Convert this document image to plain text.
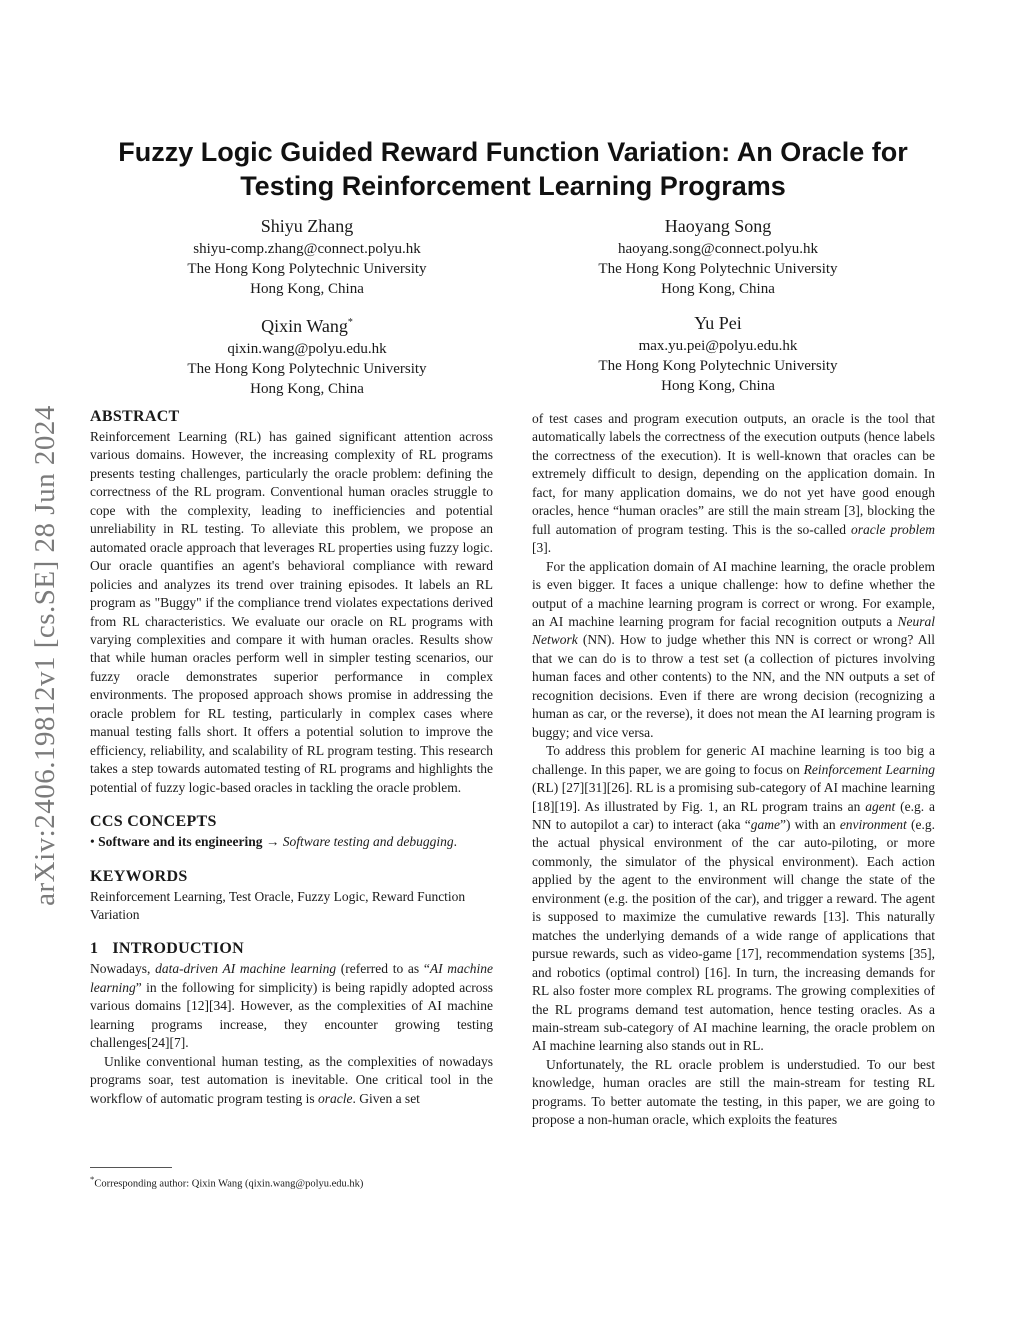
arXiv:2406.19812v1 [cs.SE] 28 Jun 2024
Fuzzy Logic Guided Reward Function Variation: An Oracle for Testing Reinforcement Learning Programs
Shiyu Zhang
shiyu-comp.zhang@connect.polyu.hk
The Hong Kong Polytechnic University
Hong Kong, China
Haoyang Song
haoyang.song@connect.polyu.hk
The Hong Kong Polytechnic University
Hong Kong, China
Qixin Wang*
qixin.wang@polyu.edu.hk
The Hong Kong Polytechnic University
Hong Kong, China
Yu Pei
max.yu.pei@polyu.edu.hk
The Hong Kong Polytechnic University
Hong Kong, China
ABSTRACT

Reinforcement Learning (RL) has gained significant attention across various domains. However, the increasing complexity of RL programs presents testing challenges, particularly the oracle problem: defining the correctness of the RL program. Conventional human oracles struggle to cope with the complexity, leading to inefficiencies and potential unreliability in RL testing. To alleviate this problem, we propose an automated oracle approach that leverages RL properties using fuzzy logic. Our oracle quantifies an agent's behavioral compliance with reward policies and analyzes its trend over training episodes. It labels an RL program as "Buggy" if the compliance trend violates expectations derived from RL characteristics. We evaluate our oracle on RL programs with varying complexities and compare it with human oracles. Results show that while human oracles perform well in simpler testing scenarios, our fuzzy oracle demonstrates superior performance in complex environments. The proposed approach shows promise in addressing the oracle problem for RL testing, particularly in complex cases where manual testing falls short. It offers a potential solution to improve the efficiency, reliability, and scalability of RL program testing. This research takes a step towards automated testing of RL programs and highlights the potential of fuzzy logic-based oracles in tackling the oracle problem.

CCS CONCEPTS

• Software and its engineering → Software testing and debugging.

KEYWORDS

Reinforcement Learning, Test Oracle, Fuzzy Logic, Reward Function Variation

1 INTRODUCTION

Nowadays, data-driven AI machine learning (referred to as “AI machine learning” in the following for simplicity) is being rapidly adopted across various domains [12][34]. However, as the complexities of AI machine learning programs increase, they encounter growing testing challenges[24][7].

Unlike conventional human testing, as the complexities of nowadays programs soar, test automation is inevitable. One critical tool in the workflow of automatic program testing is oracle. Given a set

of test cases and program execution outputs, an oracle is the tool that automatically labels the correctness of the execution outputs (hence labels the correctness of the execution). It is well-known that oracles can be extremely difficult to design, depending on the application domain. In fact, for many application domains, we do not yet have good enough oracles, hence “human oracles” are still the main stream [3], blocking the full automation of program testing. This is the so-called oracle problem [3].

For the application domain of AI machine learning, the oracle problem is even bigger. It faces a unique challenge: how to define whether the output of a machine learning program is correct or wrong. For example, an AI machine learning program for facial recognition outputs a Neural Network (NN). How to judge whether this NN is correct or wrong? All that we can do is to throw a test set (a collection of pictures involving human faces and other contents) to the NN, and the NN outputs a set of recognition decisions. Even if there are wrong decision (recognizing a human as car, or the reverse), it does not mean the AI learning program is buggy; and vice versa.

To address this problem for generic AI machine learning is too big a challenge. In this paper, we are going to focus on Reinforcement Learning (RL) [27][31][26]. RL is a promising sub-category of AI machine learning [18][19]. As illustrated by Fig. 1, an RL program trains an agent (e.g. a NN to autopilot a car) to interact (aka “game”) with an environment (e.g. the actual physical environment of the car auto-piloting, or more commonly, the simulator of the physical environment). Each action applied by the agent to the environment will change the state of the environment (e.g. the position of the car), and trigger a reward. The agent is supposed to maximize the cumulative rewards [13]. This naturally matches the underlying demands of a wide range of applications that pursue rewards, such as video-game [17], recommendation systems [35], and robotics (optimal control) [16]. In turn, the increasing demands for RL also foster more complex RL programs. The growing complexities of the RL programs demand test automation, hence testing oracles. As a main-stream sub-category of AI machine learning, the oracle problem on AI machine learning also stands out in RL.

Unfortunately, the RL oracle problem is understudied. To our best knowledge, human oracles are still the main-stream for testing RL programs. To better automate the testing, in this paper, we are going to propose a non-human oracle, which exploits the features

*Corresponding author: Qixin Wang (qixin.wang@polyu.edu.hk)
